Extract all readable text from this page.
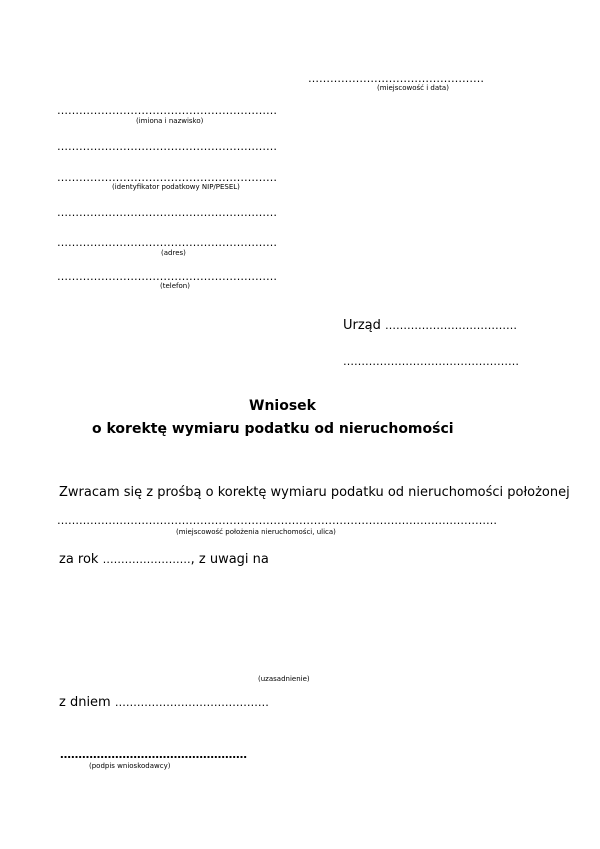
…………………………………………
(miejscowość i data)
……………………………………………………
(imiona i nazwisko)
……………………………………………………
……………………………………………………
(identyfikator podatkowy NIP/PESEL)
……………………………………………………
……………………………………………………
(adres)
……………………………………………………
(telefon)
Urząd ………………………………
…………………………………………
Wniosek
o korektę wymiaru podatku od nieruchomości
Zwracam się z prośbą o korektę wymiaru podatku od nieruchomości położonej
…………………………………………………………………………………………………………
(miejscowość położenia nieruchomości, ulica)
za rok ……………………, z uwagi na
(uzasadnienie)
z dniem ……………………………………
……………………………………………
(podpis wnioskodawcy)
